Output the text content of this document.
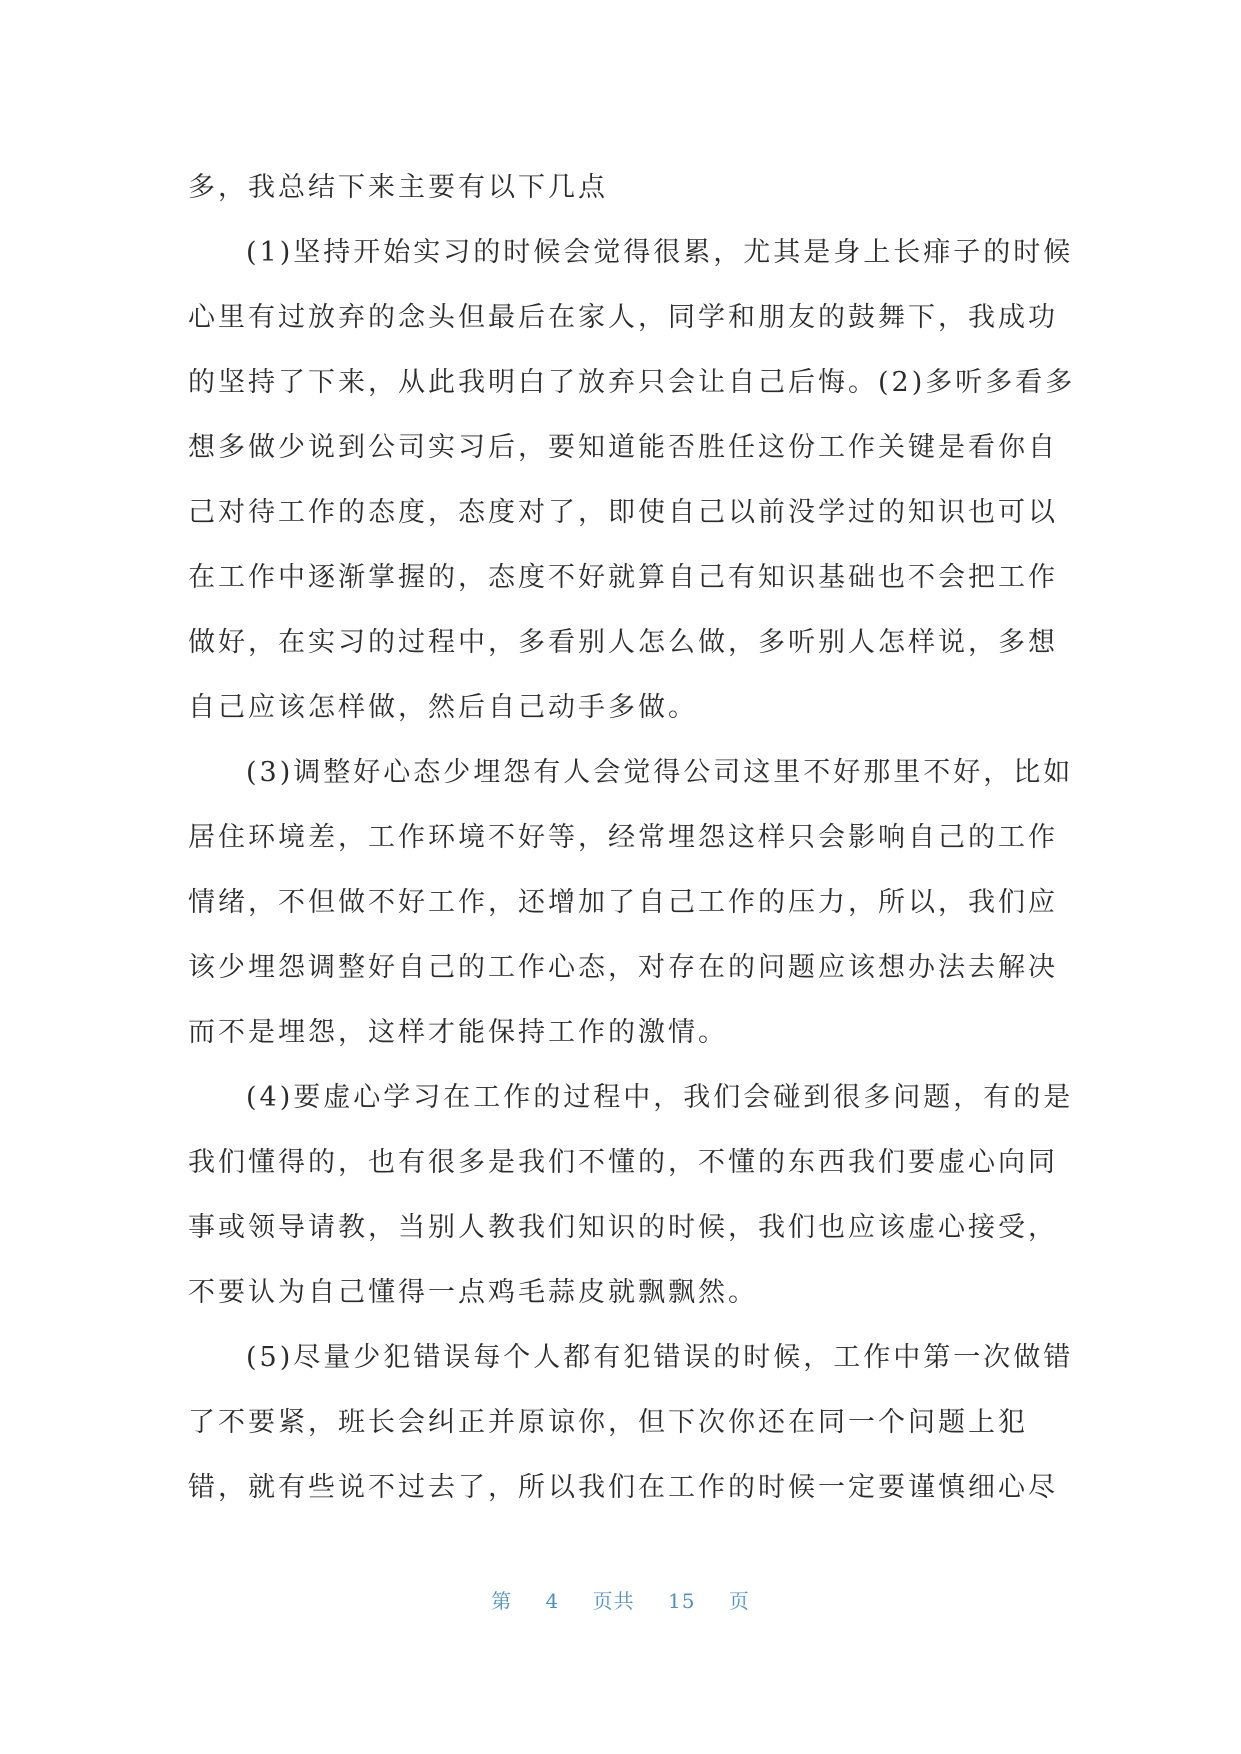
多，我总结下来主要有以下几点
(1)坚持开始实习的时候会觉得很累，尤其是身上长痱子的时候
心里有过放弃的念头但最后在家人，同学和朋友的鼓舞下，我成功
的坚持了下来，从此我明白了放弃只会让自己后悔。(2)多听多看多
想多做少说到公司实习后，要知道能否胜任这份工作关键是看你自
己对待工作的态度，态度对了，即使自己以前没学过的知识也可以
在工作中逐渐掌握的，态度不好就算自己有知识基础也不会把工作
做好，在实习的过程中，多看别人怎么做，多听别人怎样说，多想
自己应该怎样做，然后自己动手多做。
(3)调整好心态少埋怨有人会觉得公司这里不好那里不好，比如
居住环境差，工作环境不好等，经常埋怨这样只会影响自己的工作
情绪，不但做不好工作，还增加了自己工作的压力，所以，我们应
该少埋怨调整好自己的工作心态，对存在的问题应该想办法去解决
而不是埋怨，这样才能保持工作的激情。
(4)要虚心学习在工作的过程中，我们会碰到很多问题，有的是
我们懂得的，也有很多是我们不懂的，不懂的东西我们要虚心向同
事或领导请教，当别人教我们知识的时候，我们也应该虚心接受，
不要认为自己懂得一点鸡毛蒜皮就飘飘然。
(5)尽量少犯错误每个人都有犯错误的时候，工作中第一次做错
了不要紧，班长会纠正并原谅你，但下次你还在同一个问题上犯
错，就有些说不过去了，所以我们在工作的时候一定要谨慎细心尽
第 4 页共 15 页
